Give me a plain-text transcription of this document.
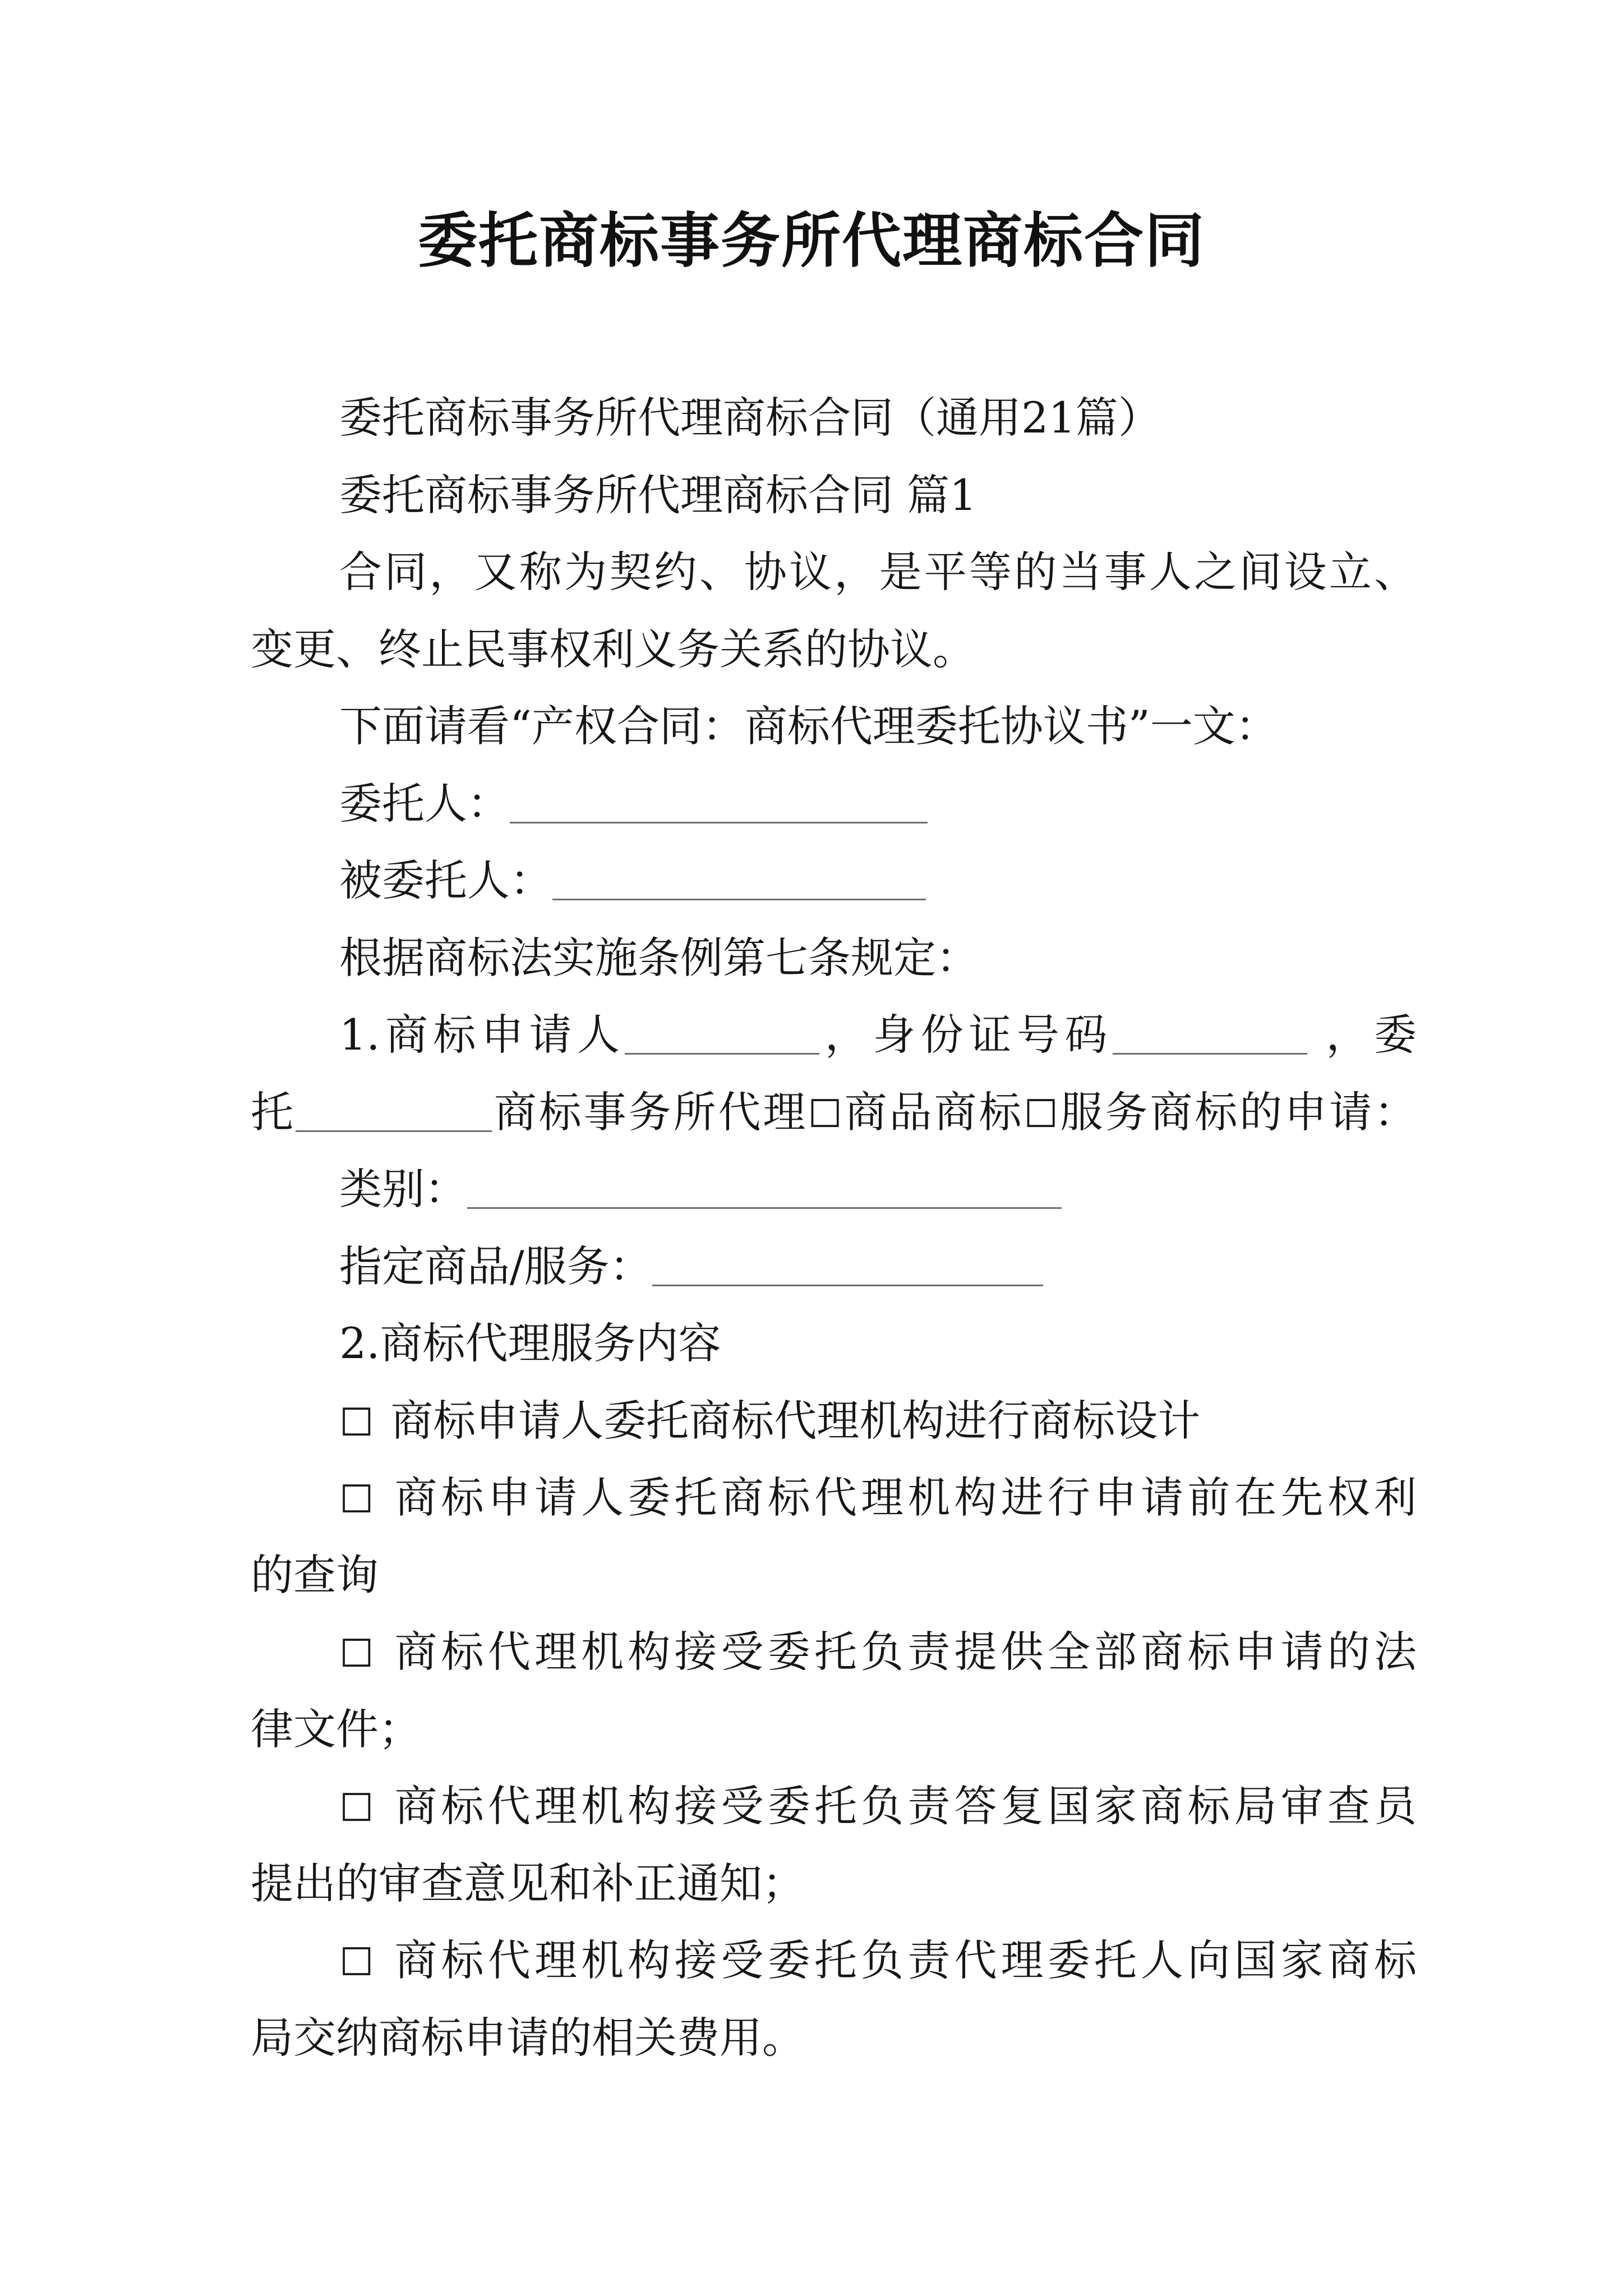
委托商标事务所代理商标合同
委托商标事务所代理商标合同（通用21篇）
委托商标事务所代理商标合同 篇1
合同，又称为契约、协议，是平等的当事人之间设立、
变更、终止民事权利义务关系的协议。
下面请看“产权合同：商标代理委托协议书”一文：
委托人：
被委托人：
根据商标法实施条例第七条规定：
1.商标申请人	，身份证号码	，委
托	商标事务所代理☐商品商标☐服务商标的申请：
类别：
指定商品/服务：
2.商标代理服务内容
☐ 商标申请人委托商标代理机构进行商标设计
☐ 商标申请人委托商标代理机构进行申请前在先权利
的查询
☐ 商标代理机构接受委托负责提供全部商标申请的法
律文件；
☐ 商标代理机构接受委托负责答复国家商标局审查员
提出的审查意见和补正通知；
☐ 商标代理机构接受委托负责代理委托人向国家商标
局交纳商标申请的相关费用。
